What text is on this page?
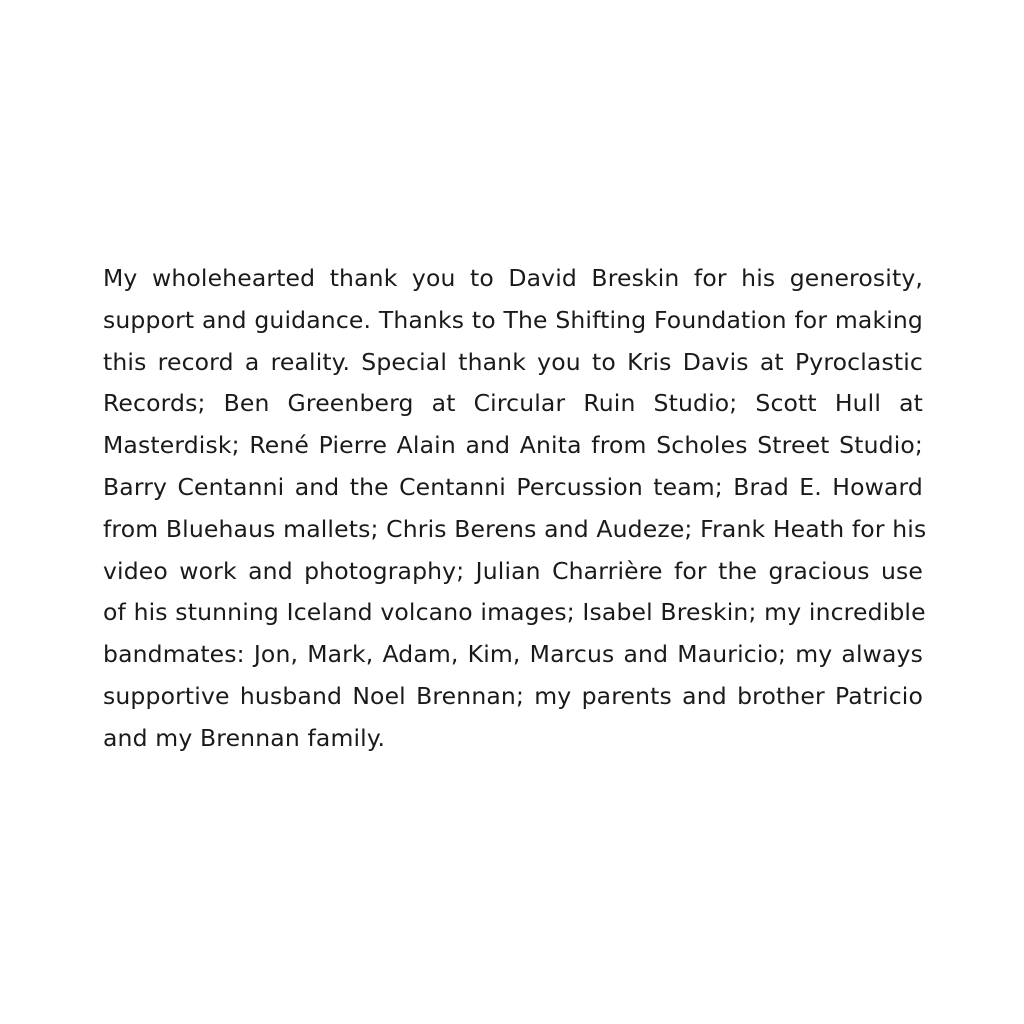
My wholehearted thank you to David Breskin for his generosity,
support and guidance. Thanks to The Shifting Foundation for making
this record a reality. Special thank you to Kris Davis at Pyroclastic
Records; Ben Greenberg at Circular Ruin Studio; Scott Hull at
Masterdisk; René Pierre Alain and Anita from Scholes Street Studio;
Barry Centanni and the Centanni Percussion team; Brad E. Howard
from Bluehaus mallets; Chris Berens and Audeze; Frank Heath for his
video work and photography; Julian Charrière for the gracious use
of his stunning Iceland volcano images; Isabel Breskin; my incredible
bandmates: Jon, Mark, Adam, Kim, Marcus and Mauricio; my always
supportive husband Noel Brennan; my parents and brother Patricio
and my Brennan family.
